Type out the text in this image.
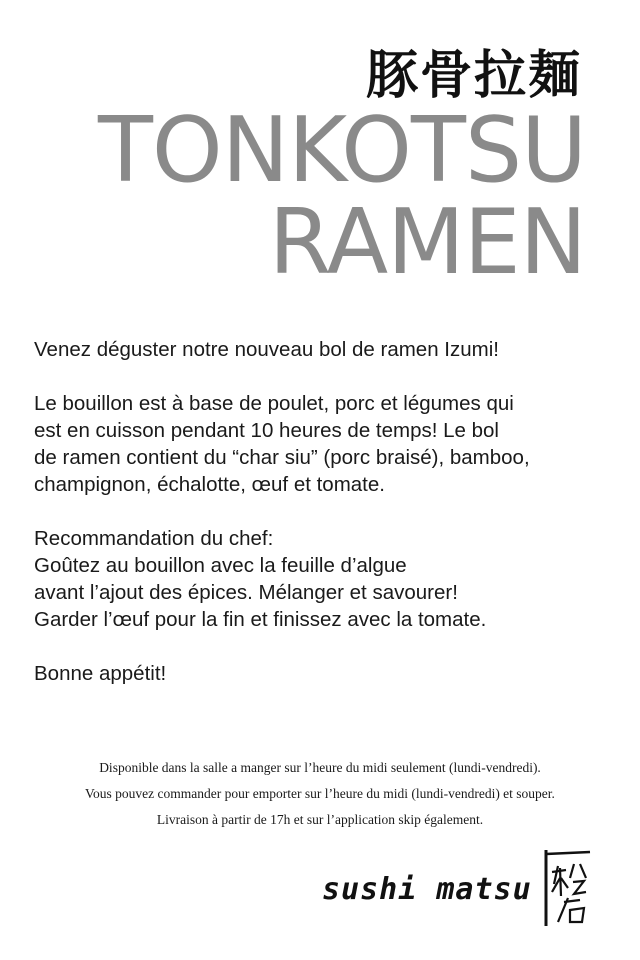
豚骨拉麺
TONKOTSU
RAMEN

Venez déguster notre nouveau bol de ramen Izumi!

Le bouillon est à base de poulet, porc et légumes qui
est en cuisson pendant 10 heures de temps! Le bol
de ramen contient du “char siu” (porc braisé), bamboo,
champignon, échalotte, œuf et tomate.

Recommandation du chef:
Goûtez au bouillon avec la feuille d’algue
avant l’ajout des épices. Mélanger et savourer!
Garder l’œuf pour la fin et finissez avec la tomate.

Bonne appétit!

Disponible dans la salle a manger sur l’heure du midi seulement (lundi-vendredi).
Vous pouvez commander pour emporter sur l’heure du midi (lundi-vendredi) et souper.
Livraison à partir de 17h et sur l’application skip également.
sushi matsu
